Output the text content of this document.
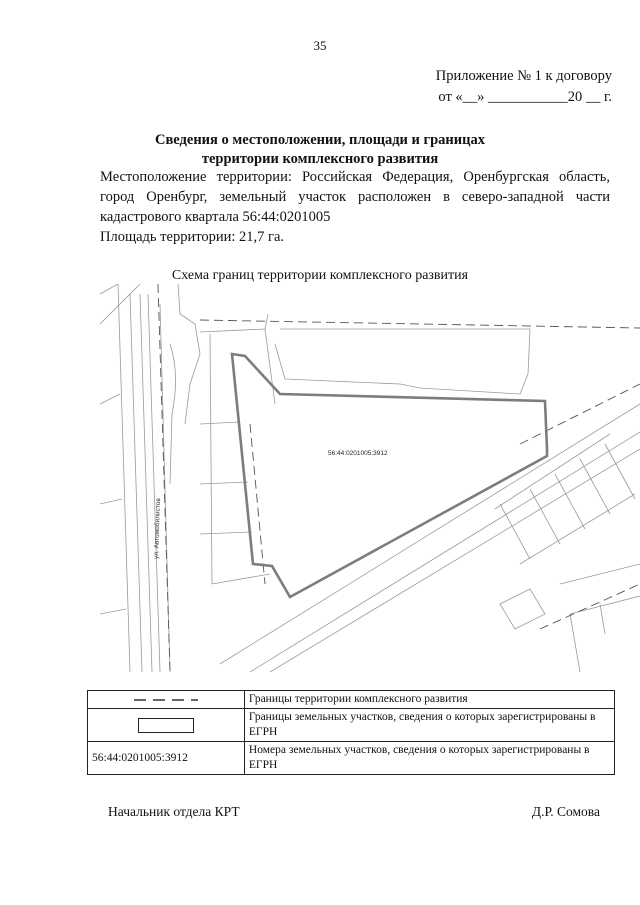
35
Приложение № 1 к договору
от «__» ___________20 __ г.
Сведения о местоположении, площади и границах
территории комплексного развития
Местоположение территории: Российская Федерация, Оренбургская область, город Оренбург, земельный участок расположен в северо-западной части кадастрового квартала 56:44:0201005
Площадь территории: 21,7 га.
Схема границ территории комплексного развития
56:44:0201005:3912
ул. Автомобилистов
	Границы территории комплексного развития

	Границы земельных участков, сведения о которых зарегистрированы в ЕГРН
56:44:0201005:3912	Номера земельных участков, сведения о которых зарегистрированы в ЕГРН
Начальник отдела КРТ	Д.Р. Сомова
